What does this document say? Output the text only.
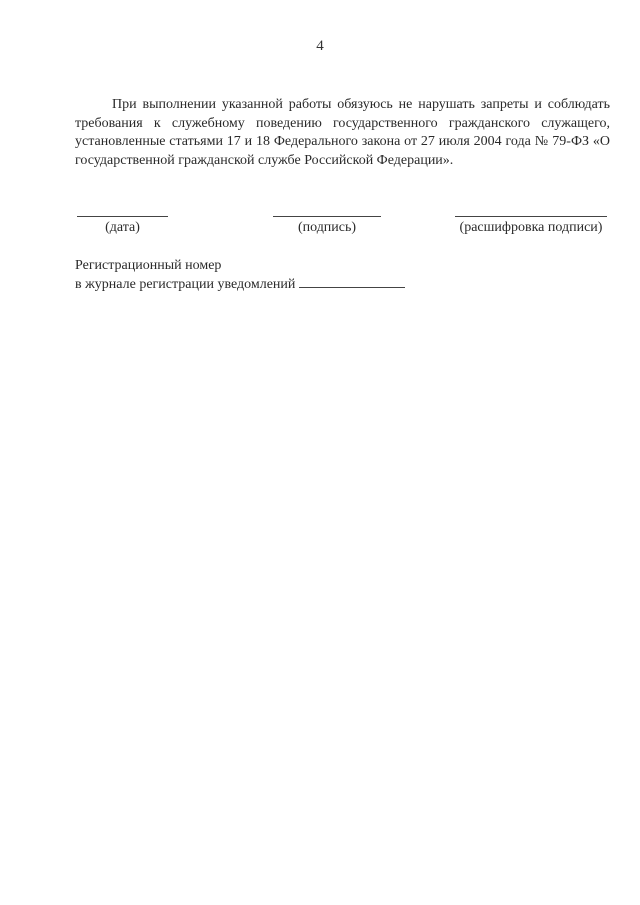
4
При выполнении указанной работы обязуюсь не нарушать запреты и соблюдать требования к служебному поведению государственного гражданского служащего, установленные статьями 17 и 18 Федерального закона от 27 июля 2004 года № 79-ФЗ «О государственной гражданской службе Российской Федерации».
(дата)	(подпись)	(расшифровка подписи)
Регистрационный номер
в журнале регистрации уведомлений
